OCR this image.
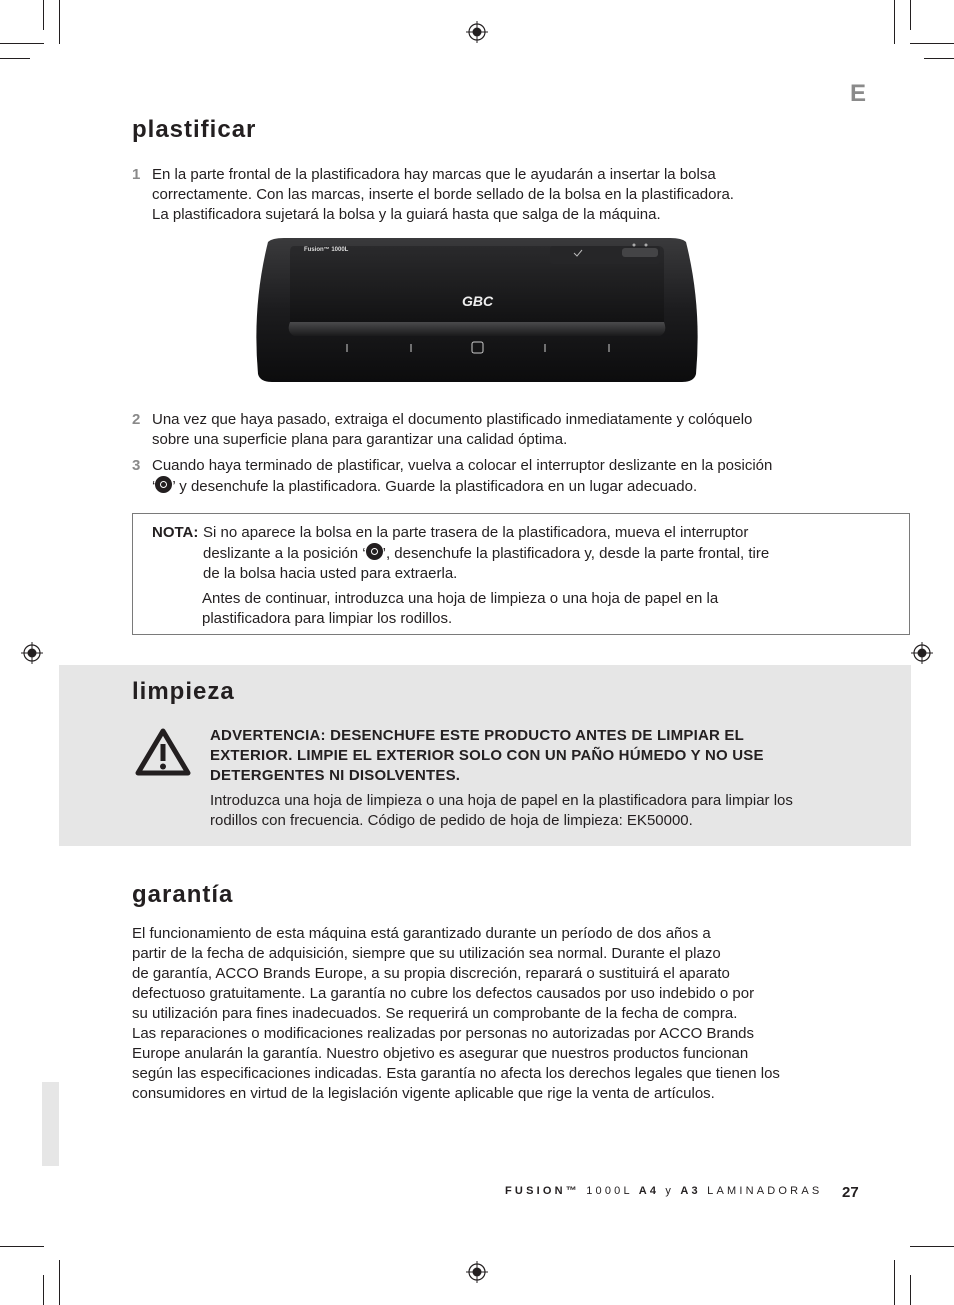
E
plastificar
1 En la parte frontal de la plastificadora hay marcas que le ayudarán a insertar la bolsa
correctamente. Con las marcas, inserte el borde sellado de la bolsa en la plastificadora.
La plastificadora sujetará la bolsa y la guiará hasta que salga de la máquina.
Fusion™ 1000L
GBC
2 Una vez que haya pasado, extraiga el documento plastificado inmediatamente y colóquelo
sobre una superficie plana para garantizar una calidad óptima.
3 Cuando haya terminado de plastificar, vuelva a colocar el interruptor deslizante en la posición
‘ ’ y desenchufe la plastificadora. Guarde la plastificadora en un lugar adecuado.
NOTA: Si no aparece la bolsa en la parte trasera de la plastificadora, mueva el interruptor
deslizante a la posición ‘ ’, desenchufe la plastificadora y, desde la parte frontal, tire
de la bolsa hacia usted para extraerla.
Antes de continuar, introduzca una hoja de limpieza o una hoja de papel en la
plastificadora para limpiar los rodillos.
limpieza
ADVERTENCIA: DESENCHUFE ESTE PRODUCTO ANTES DE LIMPIAR EL
EXTERIOR. LIMPIE EL EXTERIOR SOLO CON UN PAÑO HÚMEDO Y NO USE
DETERGENTES NI DISOLVENTES.
Introduzca una hoja de limpieza o una hoja de papel en la plastificadora para limpiar los
rodillos con frecuencia. Código de pedido de hoja de limpieza: EK50000.
garantía
El funcionamiento de esta máquina está garantizado durante un período de dos años a
partir de la fecha de adquisición, siempre que su utilización sea normal. Durante el plazo
de garantía, ACCO Brands Europe, a su propia discreción, reparará o sustituirá el aparato
defectuoso gratuitamente. La garantía no cubre los defectos causados por uso indebido o por
su utilización para fines inadecuados. Se requerirá un comprobante de la fecha de compra.
Las reparaciones o modificaciones realizadas por personas no autorizadas por ACCO Brands
Europe anularán la garantía. Nuestro objetivo es asegurar que nuestros productos funcionan
según las especificaciones indicadas. Esta garantía no afecta los derechos legales que tienen los
consumidores en virtud de la legislación vigente aplicable que rige la venta de artículos.
FUSION™ 1000L A4 y A3 LAMINADORAS 27
